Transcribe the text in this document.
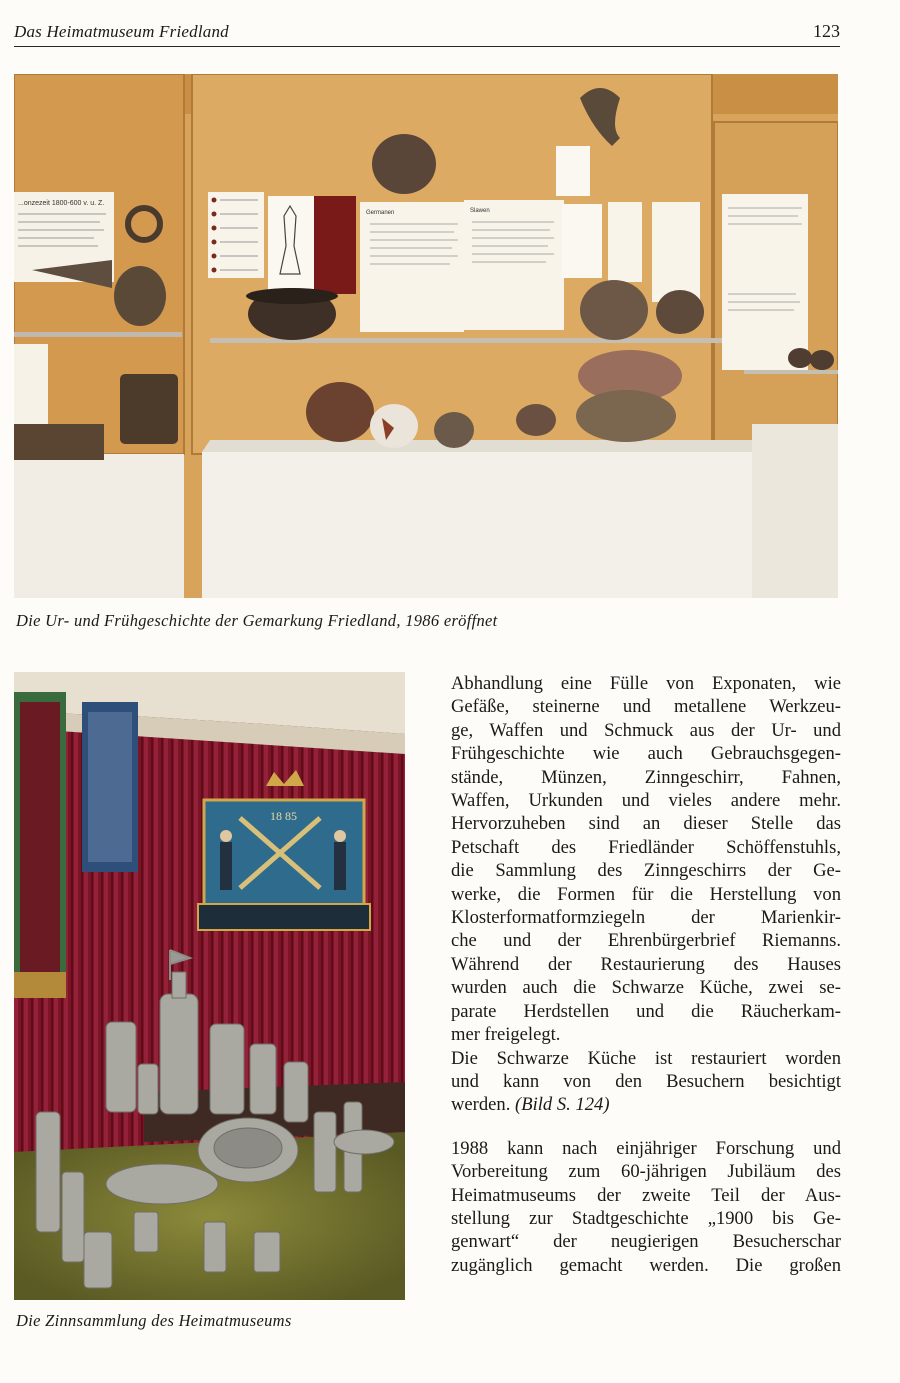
Das Heimatmuseum Friedland	123
...onzezeit 1800-600 v. u. Z.
Germanen	Slawen
Die Ur- und Frühgeschichte der Gemarkung Friedland, 1986 eröffnet
18 85
Die Zinnsammlung des Heimatmuseums

Abhandlung eine Fülle von Exponaten, wie

Gefäße, steinerne und metallene Werkzeu-

ge, Waffen und Schmuck aus der Ur- und

Frühgeschichte wie auch Gebrauchsgegen-

stände, Münzen, Zinngeschirr, Fahnen,

Waffen, Urkunden und vieles andere mehr.

Hervorzuheben sind an dieser Stelle das

Petschaft des Friedländer Schöffenstuhls,

die Sammlung des Zinngeschirrs der Ge-

werke, die Formen für die Herstellung von

Klosterformatformziegeln der Marienkir-

che und der Ehrenbürgerbrief Riemanns.

Während der Restaurierung des Hauses

wurden auch die Schwarze Küche, zwei se-

parate Herdstellen und die Räucherkam-

mer freigelegt.

Die Schwarze Küche ist restauriert worden

und kann von den Besuchern besichtigt

werden. (Bild S. 124)

1988 kann nach einjähriger Forschung und

Vorbereitung zum 60-jährigen Jubiläum des

Heimatmuseums der zweite Teil der Aus-

stellung zur Stadtgeschichte „1900 bis Ge-

genwart“ der neugierigen Besucherschar

zugänglich gemacht werden. Die großen
